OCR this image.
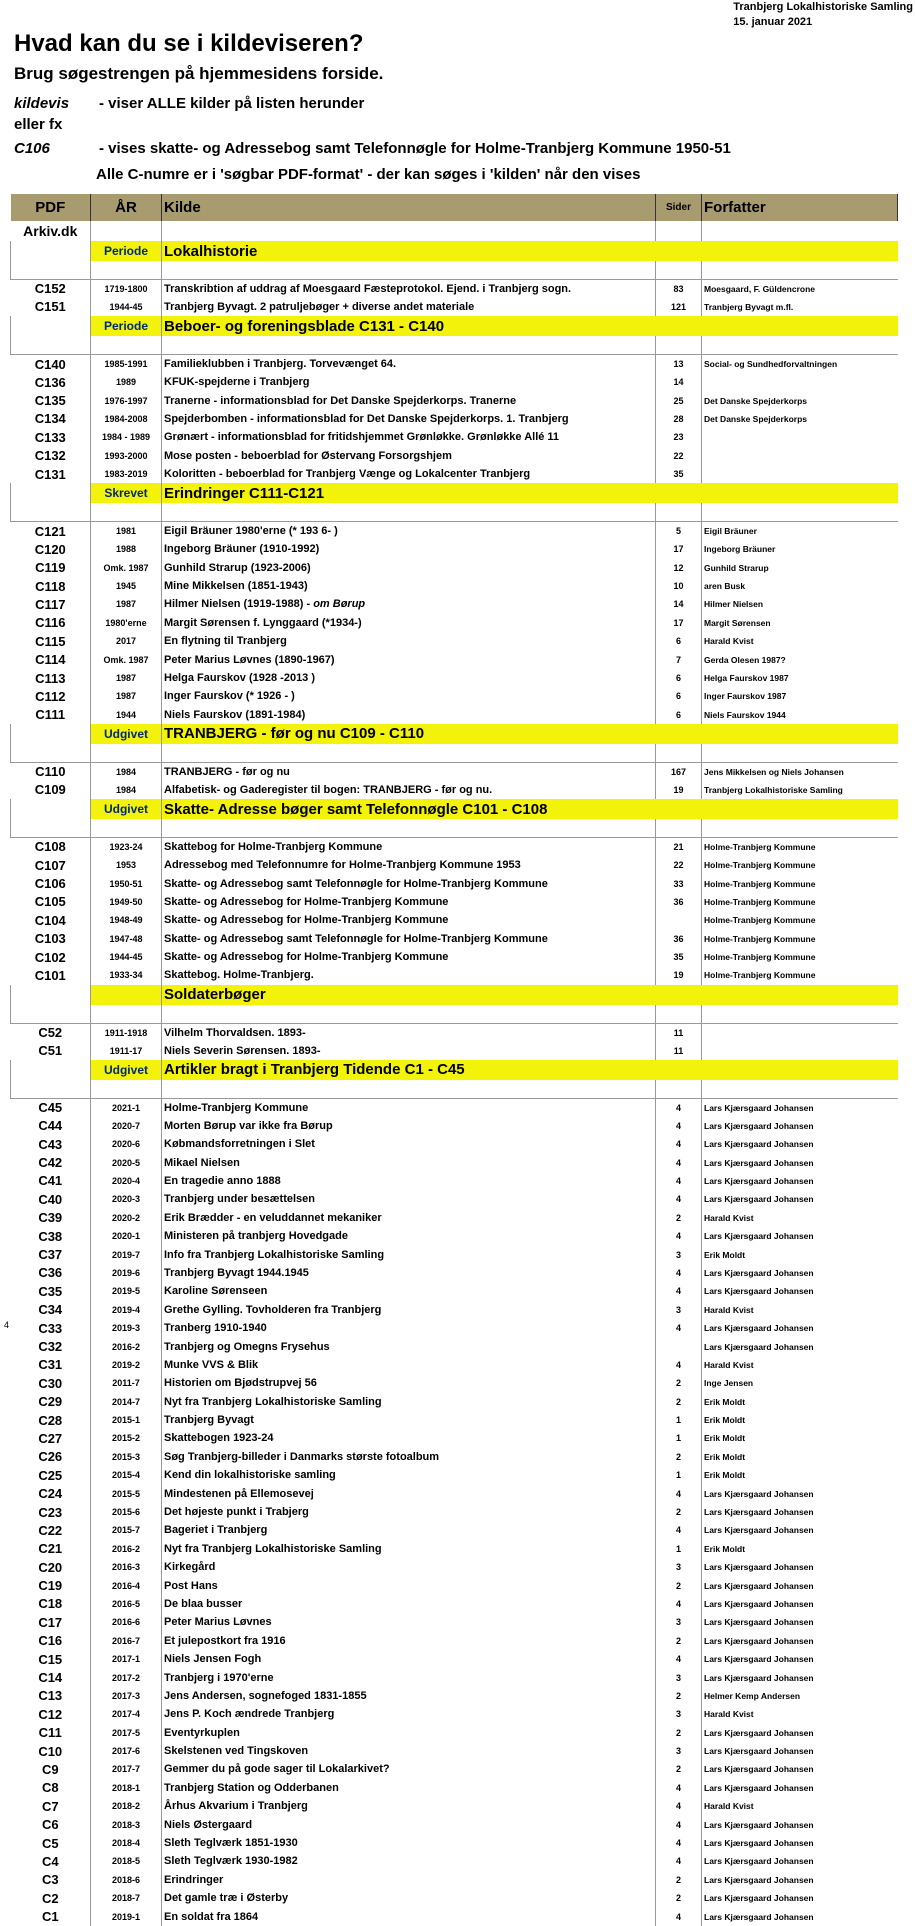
Tranbjerg Lokalhistoriske Samling
15. januar 2021
Hvad kan du se i kildeviseren?
Brug søgestrengen på hjemmesidens forside.
kildevis - viser ALLE kilder på listen herunder
eller fx
C106	- vises skatte- og Adressebog samt Telefonnøgle for Holme-Tranbjerg Kommune 1950-51
Alle C-numre er i 'søgbar PDF-format' - der kan søges i 'kilden' når den vises
4
PDF	ÅR	Kilde	Sider	Forfatter
Arkiv.dk				
	Periode	Lokalhistorie		

C152	1719-1800	Transkribtion af uddrag af Moesgaard Fæsteprotokol. Ejend. i Tranbjerg sogn.	83	Moesgaard, F. Güldencrone
C151	1944-45	Tranbjerg Byvagt. 2 patruljebøger + diverse andet materiale	121	Tranbjerg Byvagt m.fl.
	Periode	Beboer- og foreningsblade C131 - C140		

C140	1985-1991	Familieklubben i Tranbjerg. Torvevænget 64.	13	Social- og Sundhedforvaltningen
C136	1989	KFUK-spejderne i Tranbjerg	14	
C135	1976-1997	Tranerne - informationsblad for Det Danske Spejderkorps. Tranerne	25	Det Danske Spejderkorps
C134	1984-2008	Spejderbomben - informationsblad for Det Danske Spejderkorps. 1. Tranbjerg	28	Det Danske Spejderkorps
C133	1984 - 1989	Grønært - informationsblad for fritidshjemmet Grønløkke. Grønløkke Allé 11	23	
C132	1993-2000	Mose posten - beboerblad for Østervang Forsorgshjem	22	
C131	1983-2019	Koloritten - beboerblad for Tranbjerg Vænge og Lokalcenter Tranbjerg	35	
	Skrevet	Erindringer C111-C121		

C121	1981	Eigil Bräuner 1980'erne (* 193 6- )	5	Eigil Bräuner
C120	1988	Ingeborg Bräuner (1910-1992)	17	Ingeborg Bräuner
C119	Omk. 1987	Gunhild Strarup (1923-2006)	12	Gunhild Strarup
C118	1945	Mine Mikkelsen (1851-1943)	10	aren Busk
C117	1987	Hilmer Nielsen (1919-1988) - om Børup	14	Hilmer Nielsen
C116	1980'erne	Margit Sørensen f. Lynggaard (*1934-)	17	Margit Sørensen
C115	2017	En flytning til Tranbjerg	6	Harald Kvist
C114	Omk. 1987	Peter Marius Løvnes (1890-1967)	7	Gerda Olesen 1987?
C113	1987	Helga Faurskov (1928 -2013 )	6	Helga Faurskov 1987
C112	1987	Inger Faurskov (* 1926 - )	6	Inger Faurskov 1987
C111	1944	Niels Faurskov (1891-1984)	6	Niels Faurskov 1944
	Udgivet	TRANBJERG - før og nu C109 - C110		

C110	1984	TRANBJERG - før og nu	167	Jens Mikkelsen og Niels Johansen
C109	1984	Alfabetisk- og Gaderegister til bogen: TRANBJERG - før og nu.	19	Tranbjerg Lokalhistoriske Samling
	Udgivet	Skatte- Adresse bøger samt Telefonnøgle C101 - C108		

C108	1923-24	Skattebog for Holme-Tranbjerg Kommune	21	Holme-Tranbjerg Kommune
C107	1953	Adressebog med Telefonnumre for Holme-Tranbjerg Kommune 1953	22	Holme-Tranbjerg Kommune
C106	1950-51	Skatte- og Adressebog samt Telefonnøgle for Holme-Tranbjerg Kommune	33	Holme-Tranbjerg Kommune
C105	1949-50	Skatte- og Adressebog for Holme-Tranbjerg Kommune	36	Holme-Tranbjerg Kommune
C104	1948-49	Skatte- og Adressebog for Holme-Tranbjerg Kommune		Holme-Tranbjerg Kommune
C103	1947-48	Skatte- og Adressebog samt Telefonnøgle for Holme-Tranbjerg Kommune	36	Holme-Tranbjerg Kommune
C102	1944-45	Skatte- og Adressebog for Holme-Tranbjerg Kommune	35	Holme-Tranbjerg Kommune
C101	1933-34	Skattebog. Holme-Tranbjerg.	19	Holme-Tranbjerg Kommune
		Soldaterbøger		

C52	1911-1918	Vilhelm Thorvaldsen. 1893-	11	
C51	1911-17	Niels Severin Sørensen. 1893-	11	
	Udgivet	Artikler bragt i Tranbjerg Tidende C1 - C45		

C45	2021-1	Holme-Tranbjerg Kommune	4	Lars Kjærsgaard Johansen
C44	2020-7	Morten Børup var ikke fra Børup	4	Lars Kjærsgaard Johansen
C43	2020-6	Købmandsforretningen i Slet	4	Lars Kjærsgaard Johansen
C42	2020-5	Mikael Nielsen	4	Lars Kjærsgaard Johansen
C41	2020-4	En tragedie anno 1888	4	Lars Kjærsgaard Johansen
C40	2020-3	Tranbjerg under besættelsen	4	Lars Kjærsgaard Johansen
C39	2020-2	Erik Brædder - en veluddannet mekaniker	2	Harald Kvist
C38	2020-1	Ministeren på tranbjerg Hovedgade	4	Lars Kjærsgaard Johansen
C37	2019-7	Info fra Tranbjerg Lokalhistoriske Samling	3	Erik Moldt
C36	2019-6	Tranbjerg Byvagt 1944.1945	4	Lars Kjærsgaard Johansen
C35	2019-5	Karoline Sørenseen	4	Lars Kjærsgaard Johansen
C34	2019-4	Grethe Gylling. Tovholderen fra Tranbjerg	3	Harald Kvist
C33	2019-3	Tranberg 1910-1940	4	Lars Kjærsgaard Johansen
C32	2016-2	Tranbjerg og Omegns Frysehus		Lars Kjærsgaard Johansen
C31	2019-2	Munke VVS & Blik	4	Harald Kvist
C30	2011-7	Historien om Bjødstrupvej 56	2	Inge Jensen
C29	2014-7	Nyt fra Tranbjerg Lokalhistoriske Samling	2	Erik Moldt
C28	2015-1	Tranbjerg Byvagt	1	Erik Moldt
C27	2015-2	Skattebogen 1923-24	1	Erik Moldt
C26	2015-3	Søg Tranbjerg-billeder i Danmarks største fotoalbum	2	Erik Moldt
C25	2015-4	Kend din lokalhistoriske samling	1	Erik Moldt
C24	2015-5	Mindestenen på Ellemosevej	4	Lars Kjærsgaard Johansen
C23	2015-6	Det højeste punkt i Trabjerg	2	Lars Kjærsgaard Johansen
C22	2015-7	Bageriet i Tranbjerg	4	Lars Kjærsgaard Johansen
C21	2016-2	Nyt fra Tranbjerg Lokalhistoriske Samling	1	Erik Moldt
C20	2016-3	Kirkegård	3	Lars Kjærsgaard Johansen
C19	2016-4	Post Hans	2	Lars Kjærsgaard Johansen
C18	2016-5	De blaa busser	4	Lars Kjærsgaard Johansen
C17	2016-6	Peter Marius Løvnes	3	Lars Kjærsgaard Johansen
C16	2016-7	Et julepostkort fra 1916	2	Lars Kjærsgaard Johansen
C15	2017-1	Niels Jensen Fogh	4	Lars Kjærsgaard Johansen
C14	2017-2	Tranbjerg i 1970'erne	3	Lars Kjærsgaard Johansen
C13	2017-3	Jens Andersen, sognefoged 1831-1855	2	Helmer Kemp Andersen
C12	2017-4	Jens P. Koch ændrede Tranbjerg	3	Harald Kvist
C11	2017-5	Eventyrkuplen	2	Lars Kjærsgaard Johansen
C10	2017-6	Skelstenen ved Tingskoven	3	Lars Kjærsgaard Johansen
C9	2017-7	Gemmer du på gode sager til Lokalarkivet?	2	Lars Kjærsgaard Johansen
C8	2018-1	Tranbjerg Station og Odderbanen	4	Lars Kjærsgaard Johansen
C7	2018-2	Århus Akvarium i Tranbjerg	4	Harald Kvist
C6	2018-3	Niels Østergaard	4	Lars Kjærsgaard Johansen
C5	2018-4	Sleth Teglværk 1851-1930	4	Lars Kjærsgaard Johansen
C4	2018-5	Sleth Teglværk 1930-1982	4	Lars Kjærsgaard Johansen
C3	2018-6	Erindringer	2	Lars Kjærsgaard Johansen
C2	2018-7	Det gamle træ i Østerby	2	Lars Kjærsgaard Johansen
C1	2019-1	En soldat fra 1864	4	Lars Kjærsgaard Johansen
